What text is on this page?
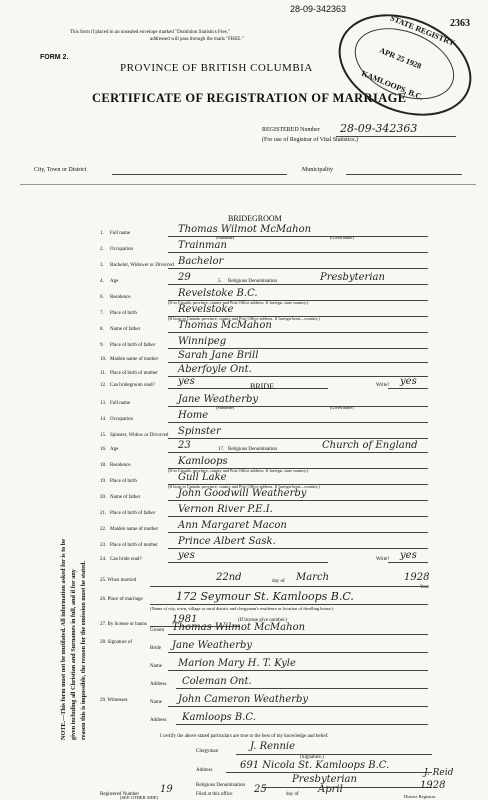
28-09-342363
2363
This form if placed in an unsealed envelope marked "Dominion Statistics Free,"
addressed will pass through the mails "FREE."
FORM 2.
PROVINCE OF BRITISH COLUMBIA
CERTIFICATE OF REGISTRATION OF MARRIAGE
REGISTERED Number 28-09-342363
(For use of Registrar of Vital Statistics.)
STATE REGISTRY
APR 25 1928
KAMLOOPS, B.C.
City, Town or District	Municipality
NOTE.—This form must not be mutilated. All information asked for is to be given including all Christian and Surnames in full, and if for any reason this is impossible, the reason for the omission must be stated.
BRIDEGROOM
1. Full name	Thomas Wilmot McMahon
2. Occupation	Trainman
3. Bachelor, Widower or Divorced Bachelor
4. Age	29	5. Religious Denomination	Presbyterian
6. Residence	Revelstoke B.C.
7. Place of birth	Revelstoke
8. Name of father	Thomas McMahon
9. Place of birth of father Winnipeg
10. Maiden name of mother Sarah Jane Brill
11. Place of birth of mother Aberfoyle Ont.
12. Can bridegroom read? yes	Write? yes
BRIDE
13. Full name	Jane Weatherby
14. Occupation	Home
15. Spinster, Widow or Divorced Spinster
16. Age	23	17. Religious Denomination	Church of England
18. Residence	Kamloops
19. Place of birth	Gull Lake
20. Name of father	John Goodwill Weatherby
21. Place of birth of father Vernon River P.E.I.
22. Maiden name of mother Ann Margaret Macon
23. Place of birth of mother Prince Albert Sask.
24. Can bride read?	yes	Write? yes
25. When married	22nd	day of March	1928
Year
26. Place of marriage	172 Seymour St. Kamloops B.C.
(Name of city, town, village or rural district and clergyman's residence or location of dwelling house.)
27. By license or banns	1981	(If license give number.)
28. Signature of
Groom Thomas Wilmot McMahon
Bride Jane Weatherby
29. Witnesses
Name Marion Mary H. T. Kyle
Address Coleman Ont.
Name John Cameron Weatherby
Address Kamloops B.C.
I certify the above stated particulars are true to the best of my knowledge and belief.
Clergyman	J. Rennie
(Signature.)
Address	691 Nicola St. Kamloops B.C.
Religious Denomination
Presbyterian
Registered Number 19	Filed at this office 25	day of April	1928
J. Reid
District Registrar.
[SEE OTHER SIDE]
(Surname)	(Given name)
(If in Canada, province, county and Post Office address. If foreign, state country.)
(If born in Canada, province, county and Post Office address. If foreign-born—country.)
(Surname)	(Given name)
(If in Canada, province, county and Post Office address. If foreign, state country.)
(If born in Canada, province, county and Post Office address. If foreign-born—country.)
